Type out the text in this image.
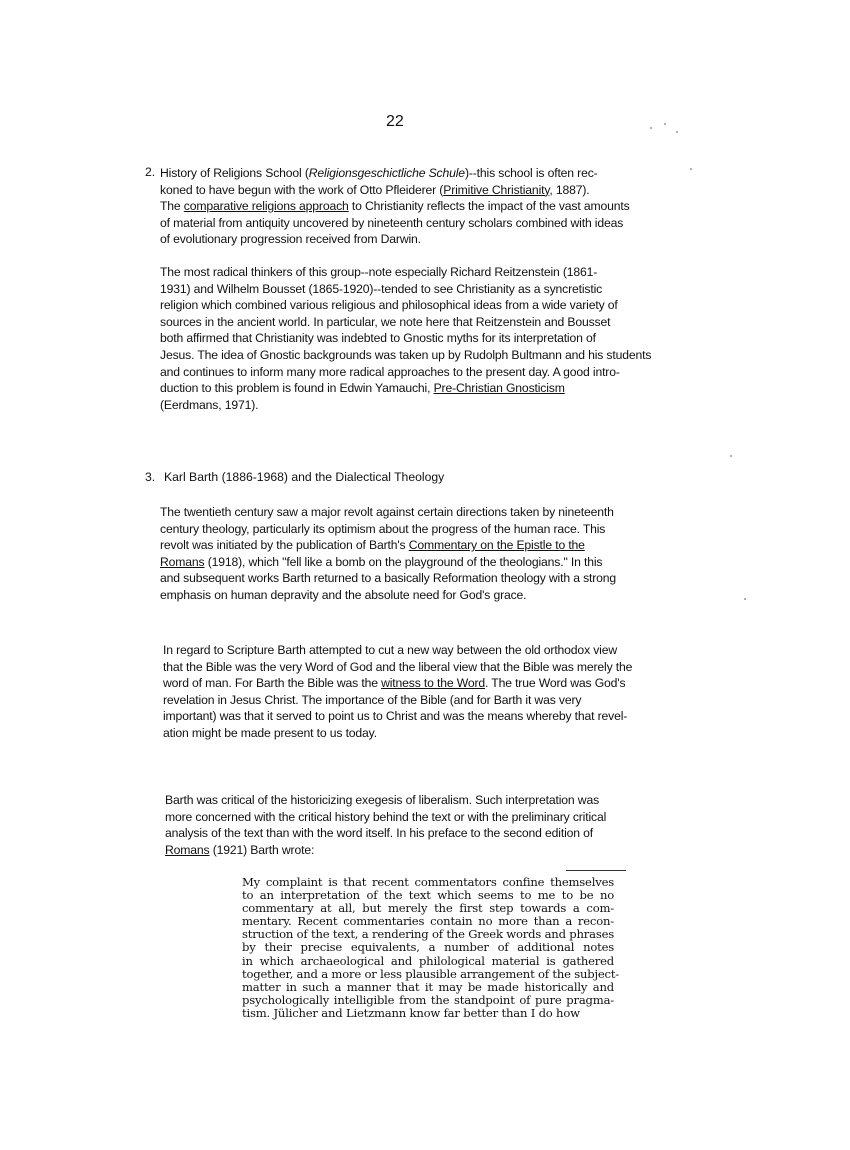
22
2. History of Religions School (Religionsgeschictliche Schule)--this school is often rec-
koned to have begun with the work of Otto Pfleiderer (Primitive Christianity, 1887).
The comparative religions approach to Christianity reflects the impact of the vast amounts
of material from antiquity uncovered by nineteenth century scholars combined with ideas
of evolutionary progression received from Darwin.
The most radical thinkers of this group--note especially Richard Reitzenstein (1861-
1931) and Wilhelm Bousset (1865-1920)--tended to see Christianity as a syncretistic
religion which combined various religious and philosophical ideas from a wide variety of
sources in the ancient world. In particular, we note here that Reitzenstein and Bousset
both affirmed that Christianity was indebted to Gnostic myths for its interpretation of
Jesus. The idea of Gnostic backgrounds was taken up by Rudolph Bultmann and his students
and continues to inform many more radical approaches to the present day. A good intro-
duction to this problem is found in Edwin Yamauchi, Pre-Christian Gnosticism
(Eerdmans, 1971).
3. Karl Barth (1886-1968) and the Dialectical Theology
The twentieth century saw a major revolt against certain directions taken by nineteenth
century theology, particularly its optimism about the progress of the human race. This
revolt was initiated by the publication of Barth's Commentary on the Epistle to the
Romans (1918), which "fell like a bomb on the playground of the theologians." In this
and subsequent works Barth returned to a basically Reformation theology with a strong
emphasis on human depravity and the absolute need for God's grace.
In regard to Scripture Barth attempted to cut a new way between the old orthodox view
that the Bible was the very Word of God and the liberal view that the Bible was merely the
word of man. For Barth the Bible was the witness to the Word. The true Word was God's
revelation in Jesus Christ. The importance of the Bible (and for Barth it was very
important) was that it served to point us to Christ and was the means whereby that revel-
ation might be made present to us today.
Barth was critical of the historicizing exegesis of liberalism. Such interpretation was
more concerned with the critical history behind the text or with the preliminary critical
analysis of the text than with the word itself. In his preface to the second edition of
Romans (1921) Barth wrote:
My complaint is that recent commentators confine themselves
to an interpretation of the text which seems to me to be no
commentary at all, but merely the first step towards a com-
mentary. Recent commentaries contain no more than a recon-
struction of the text, a rendering of the Greek words and phrases
by their precise equivalents, a number of additional notes
in which archaeological and philological material is gathered
together, and a more or less plausible arrangement of the subject-
matter in such a manner that it may be made historically and
psychologically intelligible from the standpoint of pure pragma-
tism. Jülicher and Lietzmann know far better than I do how
